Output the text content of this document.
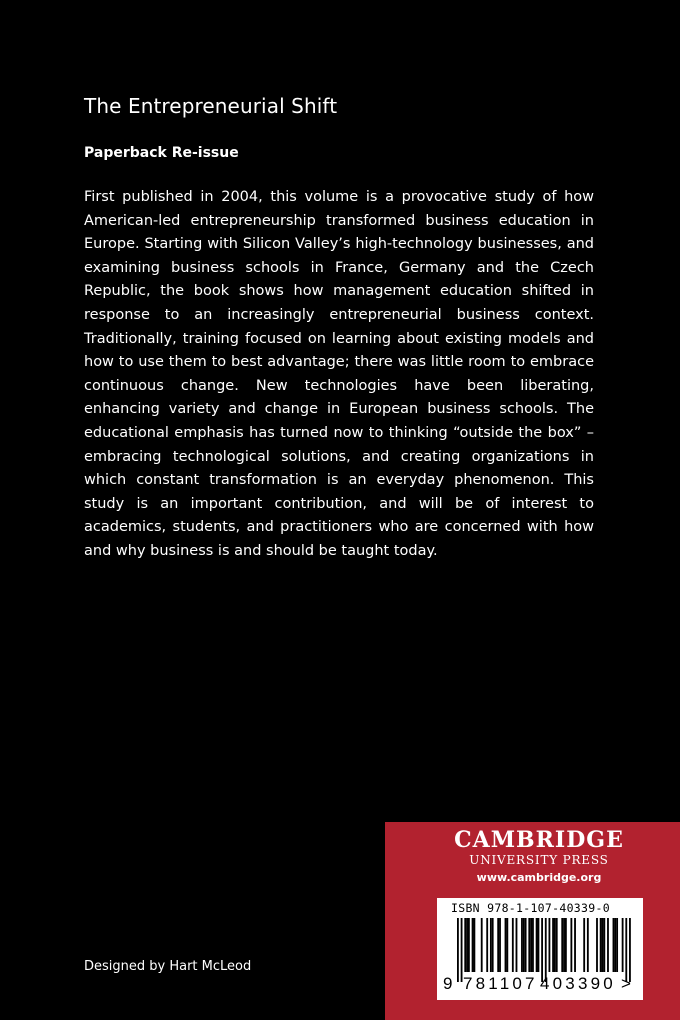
The Entrepreneurial Shift
Paperback Re-issue

First published in 2004, this volume is a provocative study of how American-led entrepreneurship transformed business education in Europe. Starting with Silicon Valley’s high-technology businesses, and examining business schools in France, Germany and the Czech Republic, the book shows how management education shifted in response to an increasingly entrepreneurial business context. Traditionally, training focused on learning about existing models and how to use them to best advantage; there was little room to embrace continuous change. New technologies have been liberating, enhancing variety and change in European business schools. The educational emphasis has turned now to thinking “outside the box” – embracing technological solutions, and creating organizations in which constant transformation is an everyday phenomenon. This study is an important contribution, and will be of interest to academics, students, and practitioners who are concerned with how and why business is and should be taught today.

Designed by Hart McLeod
CAMBRIDGE
UNIVERSITY PRESS
www.cambridge.org
ISBN 978-1-107-40339-0
9 781107 403390 >
